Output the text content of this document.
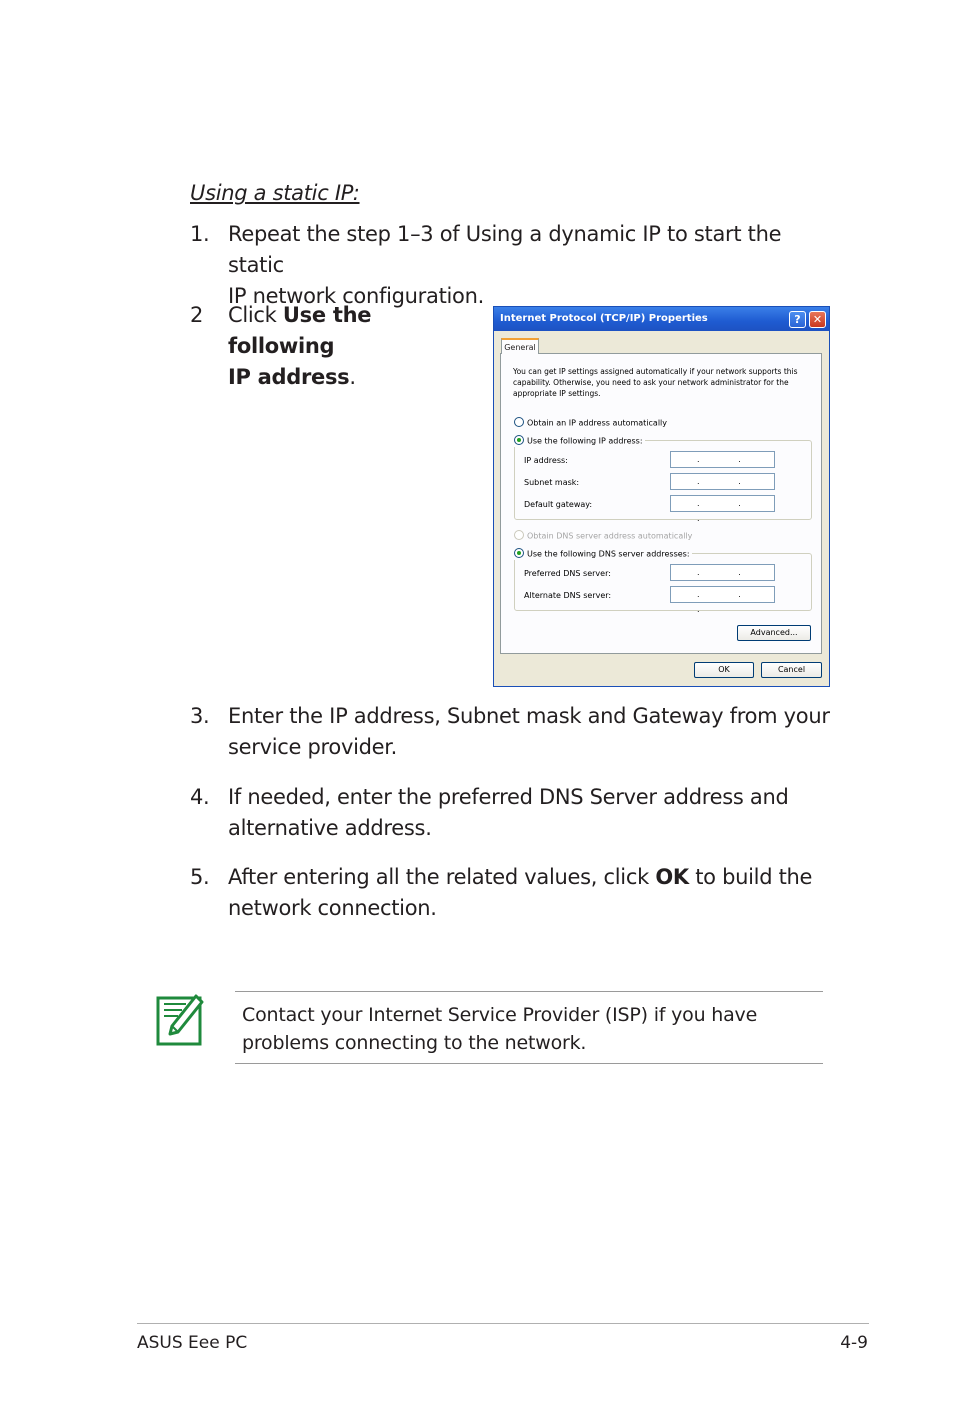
Using a static IP:
1. Repeat the step 1–3 of Using a dynamic IP to start the static
IP network configuration.
2 Click Use the following
IP address.
Internet Protocol (TCP/IP) Properties	?	✕
General
You can get IP settings assigned automatically if your network supports this capability. Otherwise, you need to ask your network administrator for the appropriate IP settings.
Obtain an IP address automatically
Use the following IP address:
IP address:	. .
Subnet mask:	. .
Default gateway:	. . .
Obtain DNS server address automatically
Use the following DNS server addresses:
Preferred DNS server:	. .
Alternate DNS server:	. . .
Advanced...
OK	Cancel
3. Enter the IP address, Subnet mask and Gateway from your
service provider.
4. If needed, enter the preferred DNS Server address and
alternative address.
5. After entering all the related values, click OK to build the
network connection.
Contact your Internet Service Provider (ISP) if you have
problems connecting to the network.
ASUS Eee PC	4-9
